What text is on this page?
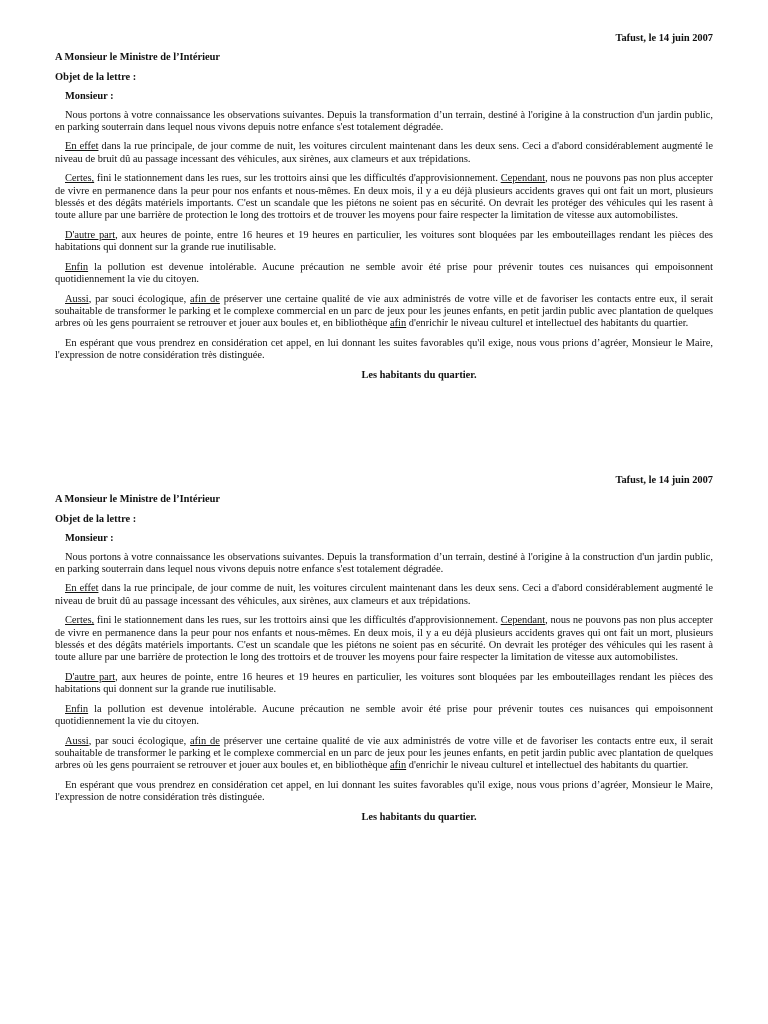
Tafust, le 14 juin 2007

A Monsieur le Ministre de l’Intérieur

Objet de la lettre :

Monsieur :

Nous portons à votre connaissance les observations suivantes. Depuis la transformation d’un terrain, destiné à l'origine à la construction d'un jardin public, en parking souterrain dans lequel nous vivons depuis notre enfance s'est totalement dégradée.

En effet dans la rue principale, de jour comme de nuit, les voitures circulent maintenant dans les deux sens. Ceci a d'abord considérablement augmenté le niveau de bruit dû au passage incessant des véhicules, aux sirènes, aux clameurs et aux trépidations.

Certes, fini le stationnement dans les rues, sur les trottoirs ainsi que les difficultés d'approvisionnement. Cependant, nous ne pouvons pas non plus accepter de vivre en permanence dans la peur pour nos enfants et nous-mêmes. En deux mois, il y a eu déjà plusieurs accidents graves qui ont fait un mort, plusieurs blessés et des dégâts matériels importants. C'est un scandale que les piétons ne soient pas en sécurité. On devrait les protéger des véhicules qui les rasent à toute allure par une barrière de protection le long des trottoirs et de trouver les moyens pour faire respecter la limitation de vitesse aux automobilistes.

D'autre part, aux heures de pointe, entre 16 heures et 19 heures en particulier, les voitures sont bloquées par les embouteillages rendant les pièces des habitations qui donnent sur la grande rue inutilisable.

Enfin la pollution est devenue intolérable. Aucune précaution ne semble avoir été prise pour prévenir toutes ces nuisances qui empoisonnent quotidiennement la vie du citoyen.

Aussi, par souci écologique, afin de préserver une certaine qualité de vie aux administrés de votre ville et de favoriser les contacts entre eux, il serait souhaitable de transformer le parking et le complexe commercial en un parc de jeux pour les jeunes enfants, en petit jardin public avec plantation de quelques arbres où les gens pourraient se retrouver et jouer aux boules et, en bibliothèque afin d'enrichir le niveau culturel et intellectuel des habitants du quartier.

En espérant que vous prendrez en considération cet appel, en lui donnant les suites favorables qu'il exige, nous vous prions d’agréer, Monsieur le Maire, l'expression de notre considération très distinguée.

Les habitants du quartier.

Tafust, le 14 juin 2007

A Monsieur le Ministre de l’Intérieur

Objet de la lettre :

Monsieur :

Nous portons à votre connaissance les observations suivantes. Depuis la transformation d’un terrain, destiné à l'origine à la construction d'un jardin public, en parking souterrain dans lequel nous vivons depuis notre enfance s'est totalement dégradée.

En effet dans la rue principale, de jour comme de nuit, les voitures circulent maintenant dans les deux sens. Ceci a d'abord considérablement augmenté le niveau de bruit dû au passage incessant des véhicules, aux sirènes, aux clameurs et aux trépidations.

Certes, fini le stationnement dans les rues, sur les trottoirs ainsi que les difficultés d'approvisionnement. Cependant, nous ne pouvons pas non plus accepter de vivre en permanence dans la peur pour nos enfants et nous-mêmes. En deux mois, il y a eu déjà plusieurs accidents graves qui ont fait un mort, plusieurs blessés et des dégâts matériels importants. C'est un scandale que les piétons ne soient pas en sécurité. On devrait les protéger des véhicules qui les rasent à toute allure par une barrière de protection le long des trottoirs et de trouver les moyens pour faire respecter la limitation de vitesse aux automobilistes.

D'autre part, aux heures de pointe, entre 16 heures et 19 heures en particulier, les voitures sont bloquées par les embouteillages rendant les pièces des habitations qui donnent sur la grande rue inutilisable.

Enfin la pollution est devenue intolérable. Aucune précaution ne semble avoir été prise pour prévenir toutes ces nuisances qui empoisonnent quotidiennement la vie du citoyen.

Aussi, par souci écologique, afin de préserver une certaine qualité de vie aux administrés de votre ville et de favoriser les contacts entre eux, il serait souhaitable de transformer le parking et le complexe commercial en un parc de jeux pour les jeunes enfants, en petit jardin public avec plantation de quelques arbres où les gens pourraient se retrouver et jouer aux boules et, en bibliothèque afin d'enrichir le niveau culturel et intellectuel des habitants du quartier.

En espérant que vous prendrez en considération cet appel, en lui donnant les suites favorables qu'il exige, nous vous prions d’agréer, Monsieur le Maire, l'expression de notre considération très distinguée.

Les habitants du quartier.
